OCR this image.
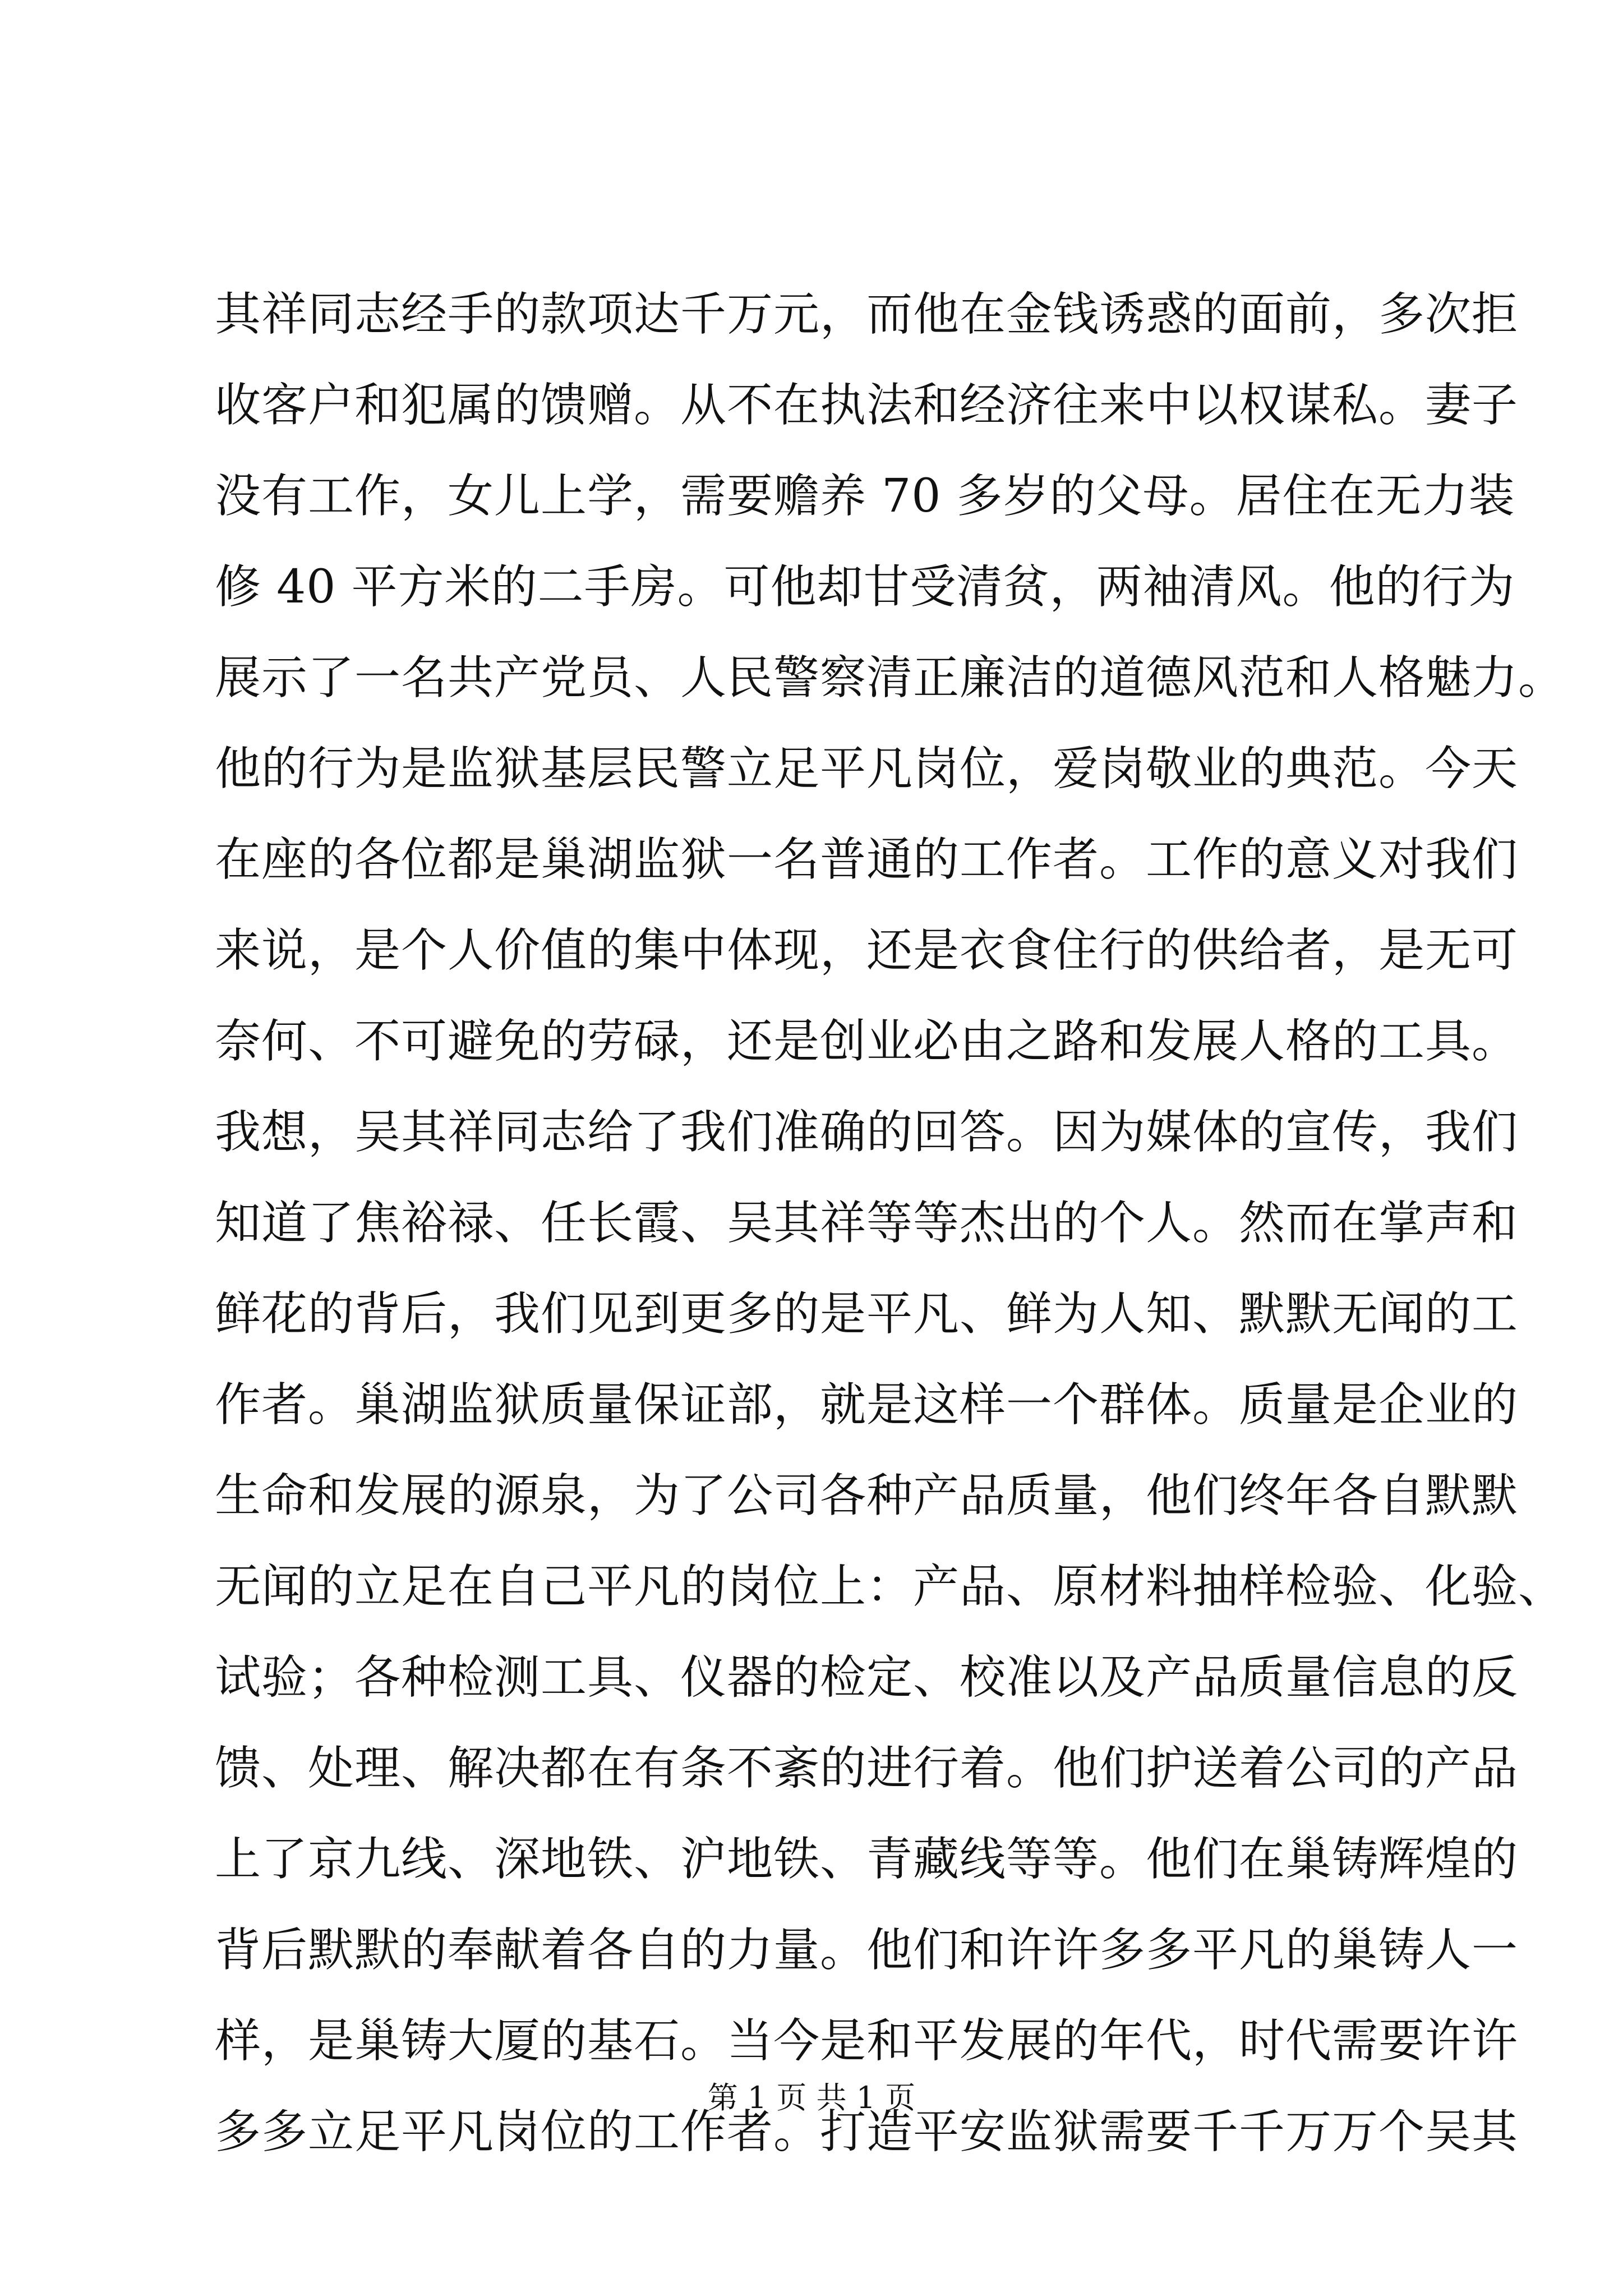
其祥同志经手的款项达千万元，而他在金钱诱惑的面前，多次拒
收客户和犯属的馈赠。从不在执法和经济往来中以权谋私。妻子
没有工作，女儿上学，需要赡养 70 多岁的父母。居住在无力装
修 40 平方米的二手房。可他却甘受清贫，两袖清风。他的行为
展示了一名共产党员、人民警察清正廉洁的道德风范和人格魅力。
他的行为是监狱基层民警立足平凡岗位，爱岗敬业的典范。今天
在座的各位都是巢湖监狱一名普通的工作者。工作的意义对我们
来说，是个人价值的集中体现，还是衣食住行的供给者，是无可
奈何、不可避免的劳碌，还是创业必由之路和发展人格的工具。
我想，吴其祥同志给了我们准确的回答。因为媒体的宣传，我们
知道了焦裕禄、任长霞、吴其祥等等杰出的个人。然而在掌声和
鲜花的背后，我们见到更多的是平凡、鲜为人知、默默无闻的工
作者。巢湖监狱质量保证部，就是这样一个群体。质量是企业的
生命和发展的源泉，为了公司各种产品质量，他们终年各自默默
无闻的立足在自己平凡的岗位上：产品、原材料抽样检验、化验、
试验；各种检测工具、仪器的检定、校准以及产品质量信息的反
馈、处理、解决都在有条不紊的进行着。他们护送着公司的产品
上了京九线、深地铁、沪地铁、青藏线等等。他们在巢铸辉煌的
背后默默的奉献着各自的力量。他们和许许多多平凡的巢铸人一
样，是巢铸大厦的基石。当今是和平发展的年代，时代需要许许
多多立足平凡岗位的工作者。打造平安监狱需要千千万万个吴其
第 1 页 共 1 页
